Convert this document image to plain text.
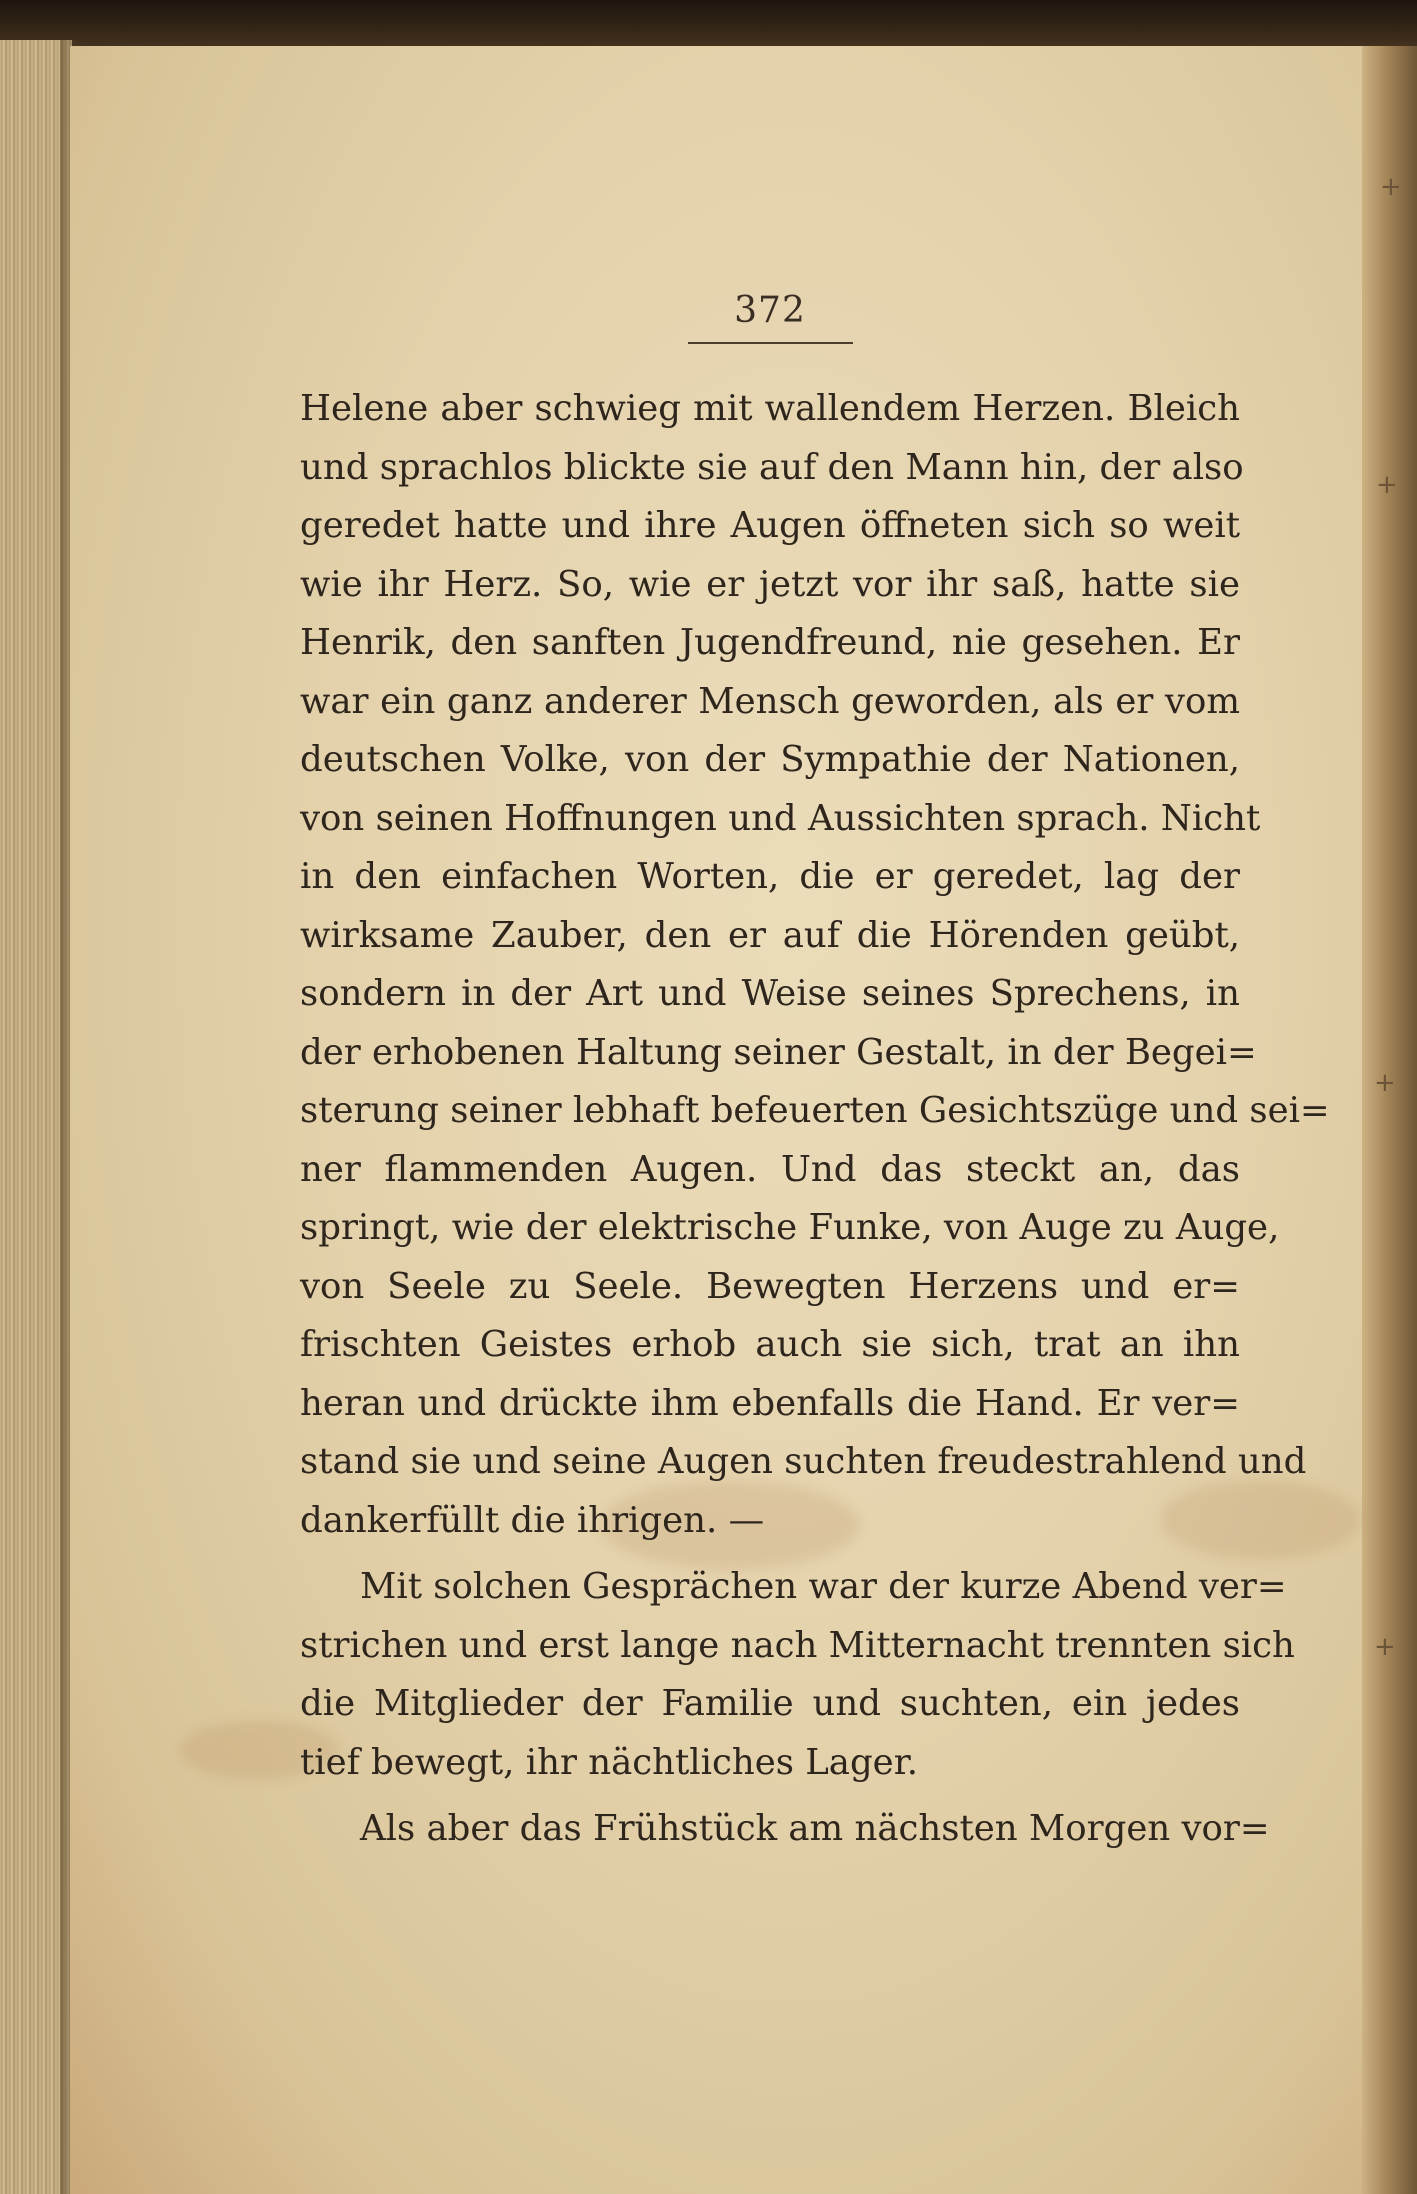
+
+
+
+
372
Helene aber schwieg mit wallendem Herzen. Bleich
und sprachlos blickte sie auf den Mann hin, der also
geredet hatte und ihre Augen öffneten sich so weit
wie ihr Herz. So, wie er jetzt vor ihr saß, hatte sie
Henrik, den sanften Jugendfreund, nie gesehen. Er
war ein ganz anderer Mensch geworden, als er vom
deutschen Volke, von der Sympathie der Nationen,
von seinen Hoffnungen und Aussichten sprach. Nicht
in den einfachen Worten, die er geredet, lag der
wirksame Zauber, den er auf die Hörenden geübt,
sondern in der Art und Weise seines Sprechens, in
der erhobenen Haltung seiner Gestalt, in der Begei=
sterung seiner lebhaft befeuerten Gesichtszüge und sei=
ner flammenden Augen. Und das steckt an, das
springt, wie der elektrische Funke, von Auge zu Auge,
von Seele zu Seele. Bewegten Herzens und er=
frischten Geistes erhob auch sie sich, trat an ihn
heran und drückte ihm ebenfalls die Hand. Er ver=
stand sie und seine Augen suchten freudestrahlend und
dankerfüllt die ihrigen. —
Mit solchen Gesprächen war der kurze Abend ver=
strichen und erst lange nach Mitternacht trennten sich
die Mitglieder der Familie und suchten, ein jedes
tief bewegt, ihr nächtliches Lager.
Als aber das Frühstück am nächsten Morgen vor=
